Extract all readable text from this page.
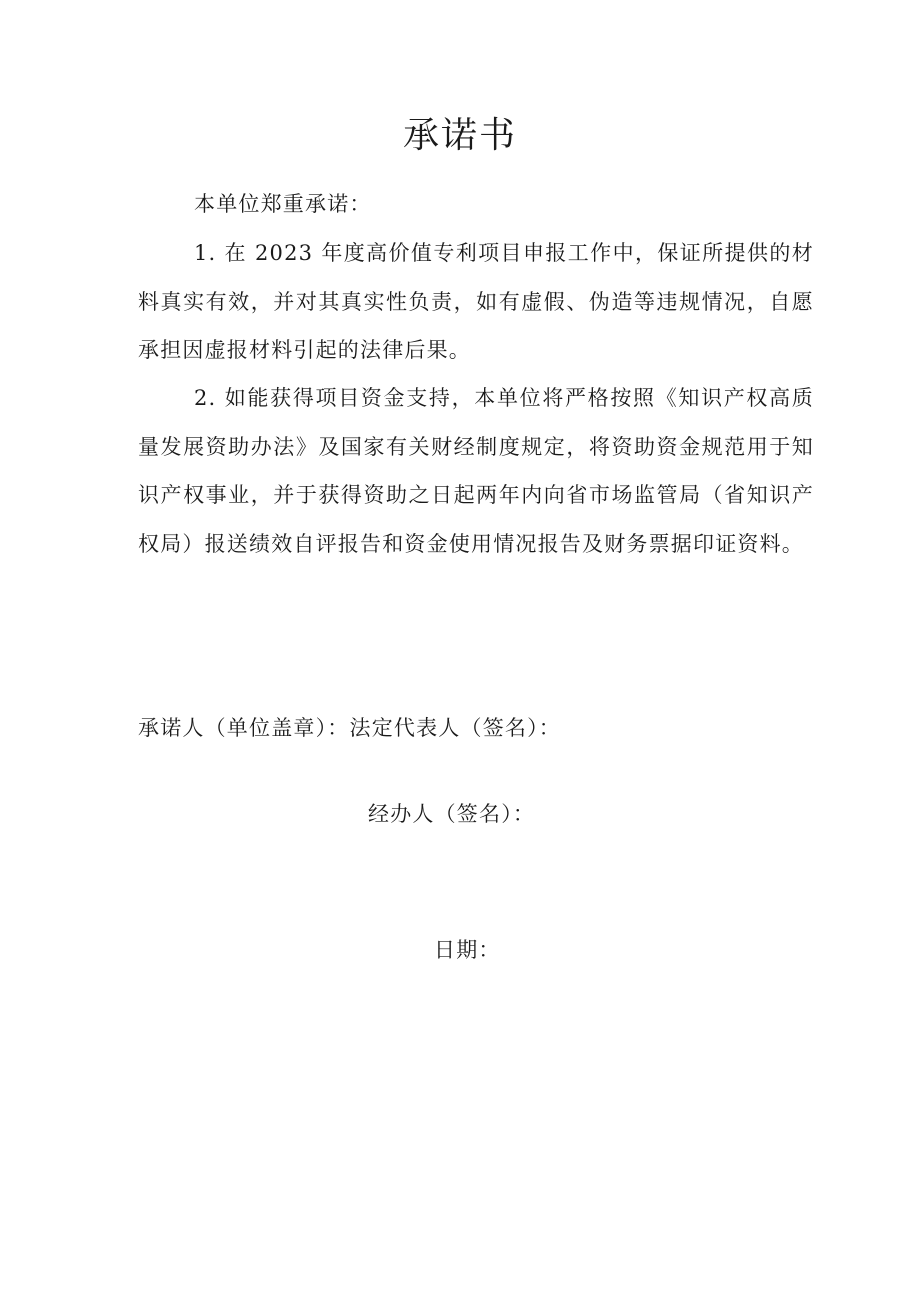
承诺书

本单位郑重承诺：

1. 在 2023 年度高价值专利项目申报工作中，保证所提供的材料真实有效，并对其真实性负责，如有虚假、伪造等违规情况，自愿承担因虚报材料引起的法律后果。

2. 如能获得项目资金支持，本单位将严格按照《知识产权高质量发展资助办法》及国家有关财经制度规定，将资助资金规范用于知识产权事业，并于获得资助之日起两年内向省市场监管局（省知识产权局）报送绩效自评报告和资金使用情况报告及财务票据印证资料。

承诺人（单位盖章）：法定代表人（签名）：

经办人（签名）：

日期：
